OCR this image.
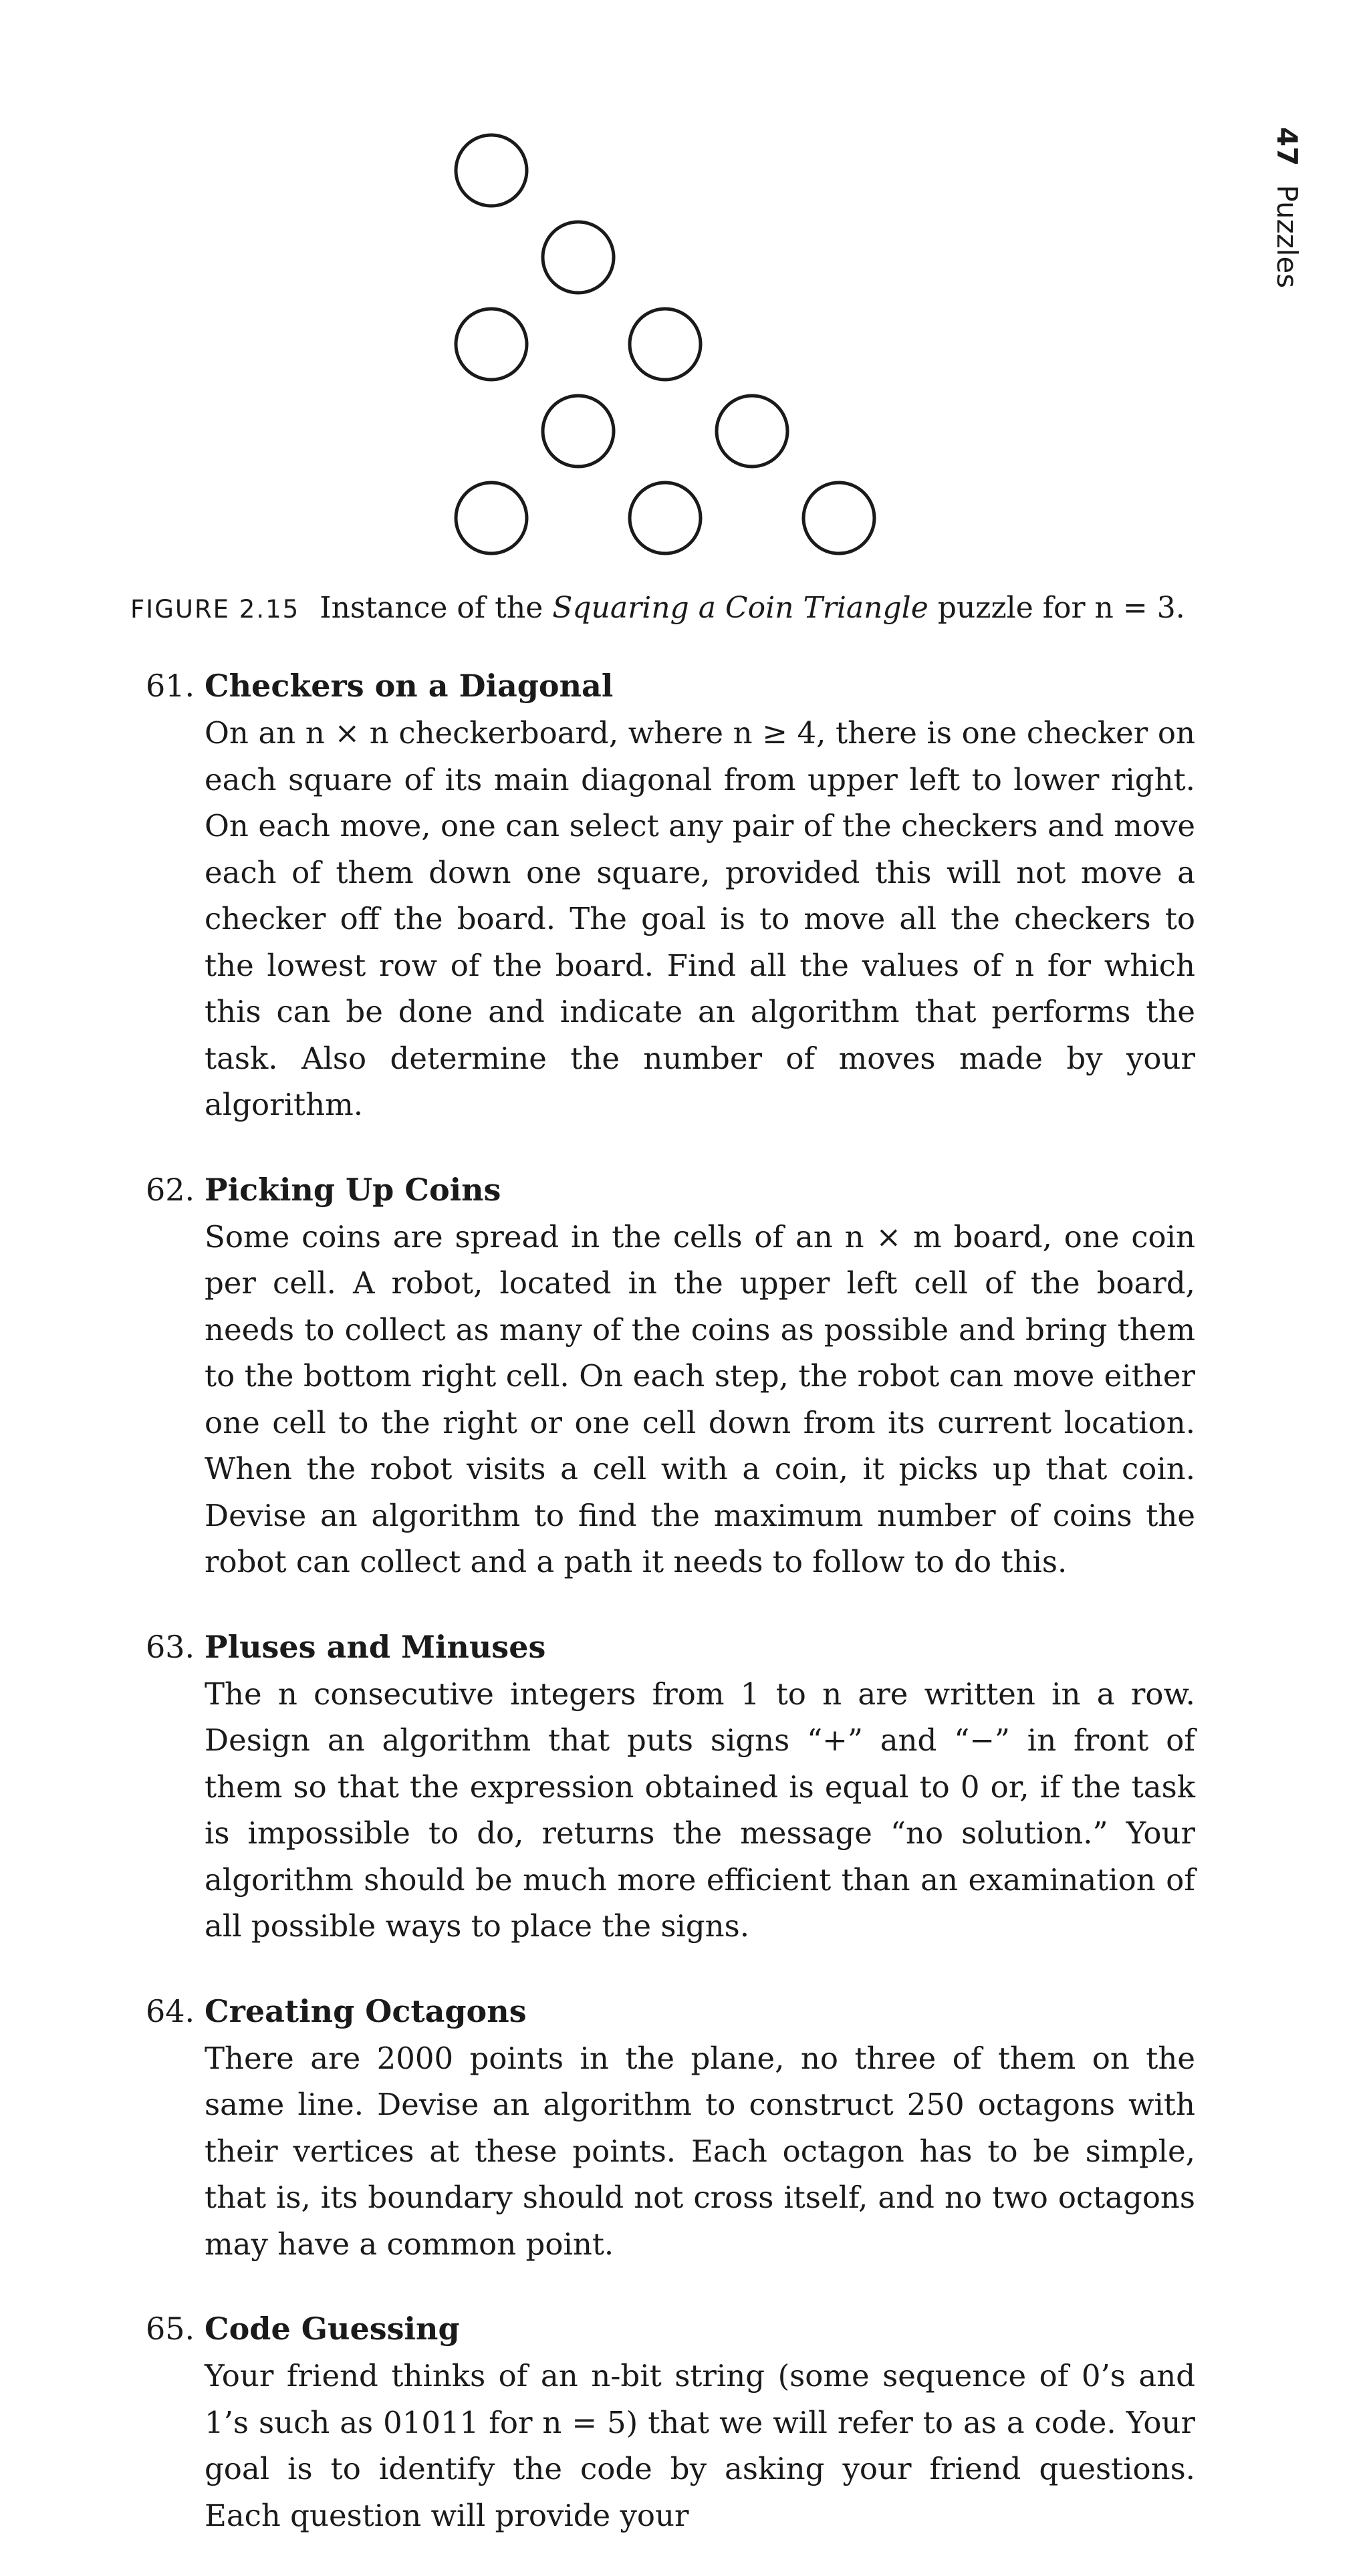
47Puzzles
FIGURE 2.15 Instance of the Squaring a Coin Triangle puzzle for n = 3.
61. Checkers on a Diagonal
On an n × n checkerboard, where n ≥ 4, there is one checker on each square of its main diagonal from upper left to lower right. On each move, one can select any pair of the checkers and move each of them down one square, provided this will not move a checker off the board. The goal is to move all the checkers to the lowest row of the board. Find all the values of n for which this can be done and indicate an algorithm that performs the task. Also determine the number of moves made by your algorithm.
62. Picking Up Coins
Some coins are spread in the cells of an n × m board, one coin per cell. A robot, located in the upper left cell of the board, needs to collect as many of the coins as possible and bring them to the bottom right cell. On each step, the robot can move either one cell to the right or one cell down from its current location. When the robot visits a cell with a coin, it picks up that coin. Devise an algorithm to find the maximum number of coins the robot can collect and a path it needs to follow to do this.
63. Pluses and Minuses
The n consecutive integers from 1 to n are written in a row. Design an algorithm that puts signs “+” and “−” in front of them so that the expression obtained is equal to 0 or, if the task is impossible to do, returns the message “no solution.” Your algorithm should be much more efficient than an examination of all possible ways to place the signs.
64. Creating Octagons
There are 2000 points in the plane, no three of them on the same line. Devise an algorithm to construct 250 octagons with their vertices at these points. Each octagon has to be simple, that is, its boundary should not cross itself, and no two octagons may have a common point.
65. Code Guessing
Your friend thinks of an n-bit string (some sequence of 0’s and 1’s such as 01011 for n = 5) that we will refer to as a code. Your goal is to identify the code by asking your friend questions. Each question will provide your
